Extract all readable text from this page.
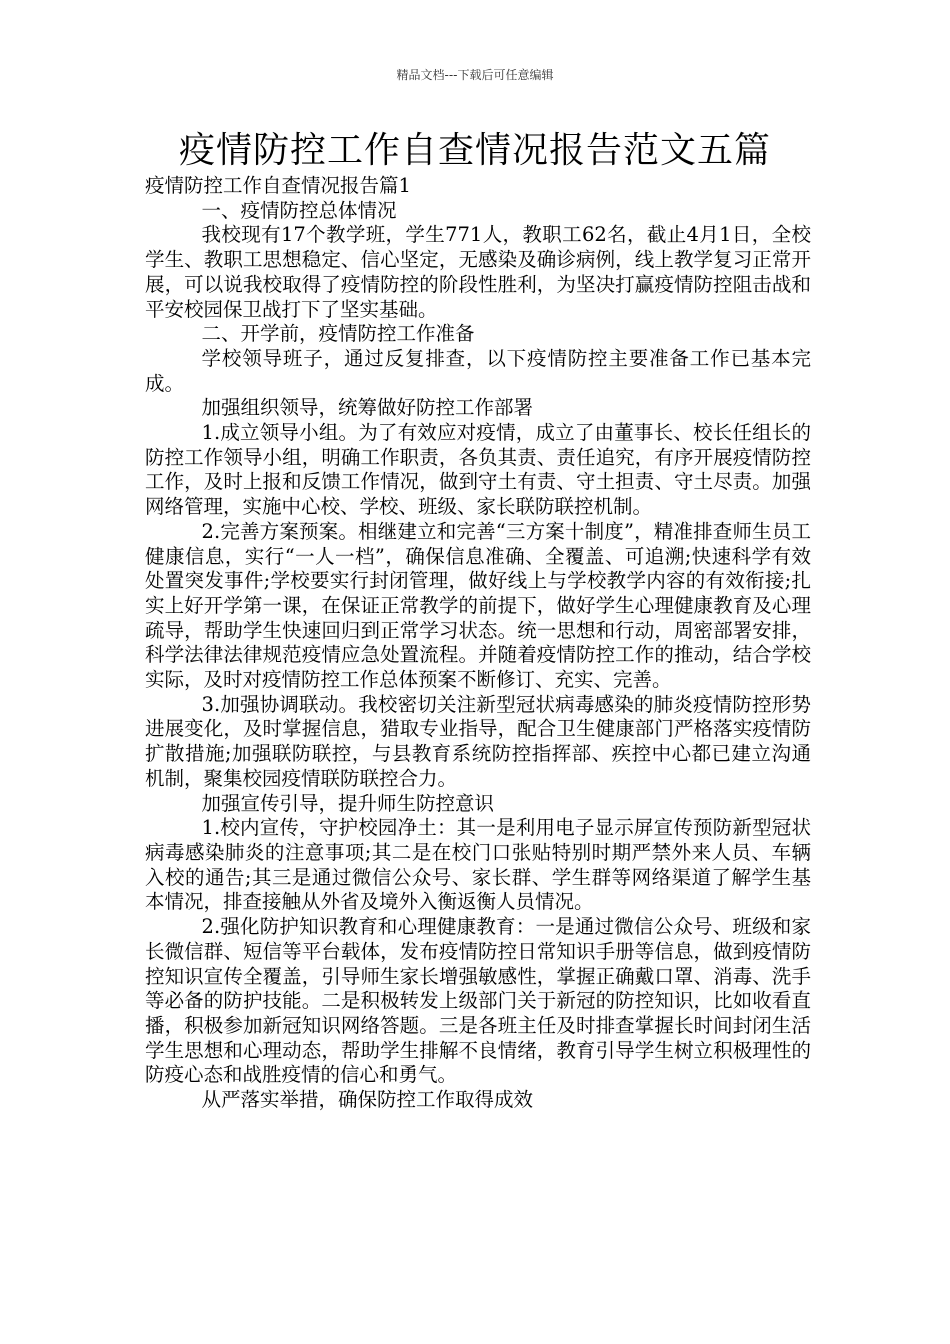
精品文档---下载后可任意编辑
疫情防控工作自查情况报告范文五篇

疫情防控工作自查情况报告篇1

一、疫情防控总体情况

我校现有17个教学班，学生771人，教职工62名，截止4月1日，全校学生、教职工思想稳定、信心坚定，无感染及确诊病例，线上教学复习正常开展，可以说我校取得了疫情防控的阶段性胜利，为坚决打赢疫情防控阻击战和平安校园保卫战打下了坚实基础。

二、开学前，疫情防控工作准备

学校领导班子，通过反复排查，以下疫情防控主要准备工作已基本完成。

加强组织领导，统筹做好防控工作部署

1.成立领导小组。为了有效应对疫情，成立了由董事长、校长任组长的防控工作领导小组，明确工作职责，各负其责、责任追究，有序开展疫情防控工作，及时上报和反馈工作情况，做到守土有责、守土担责、守土尽责。加强网络管理，实施中心校、学校、班级、家长联防联控机制。

2.完善方案预案。相继建立和完善“三方案十制度”，精准排查师生员工健康信息，实行“一人一档”，确保信息准确、全覆盖、可追溯;快速科学有效处置突发事件;学校要实行封闭管理，做好线上与学校教学内容的有效衔接;扎实上好开学第一课，在保证正常教学的前提下，做好学生心理健康教育及心理疏导，帮助学生快速回归到正常学习状态。统一思想和行动，周密部署安排，科学法律法律规范疫情应急处置流程。并随着疫情防控工作的推动，结合学校实际，及时对疫情防控工作总体预案不断修订、充实、完善。

3.加强协调联动。我校密切关注新型冠状病毒感染的肺炎疫情防控形势进展变化，及时掌握信息，猎取专业指导，配合卫生健康部门严格落实疫情防扩散措施;加强联防联控，与县教育系统防控指挥部、疾控中心都已建立沟通机制，聚集校园疫情联防联控合力。

加强宣传引导，提升师生防控意识

1.校内宣传，守护校园净土：其一是利用电子显示屏宣传预防新型冠状病毒感染肺炎的注意事项;其二是在校门口张贴特别时期严禁外来人员、车辆入校的通告;其三是通过微信公众号、家长群、学生群等网络渠道了解学生基本情况，排查接触从外省及境外入衡返衡人员情况。

2.强化防护知识教育和心理健康教育：一是通过微信公众号、班级和家长微信群、短信等平台载体，发布疫情防控日常知识手册等信息，做到疫情防控知识宣传全覆盖，引导师生家长增强敏感性，掌握正确戴口罩、消毒、洗手等必备的防护技能。二是积极转发上级部门关于新冠的防控知识，比如收看直播，积极参加新冠知识网络答题。三是各班主任及时排查掌握长时间封闭生活学生思想和心理动态，帮助学生排解不良情绪，教育引导学生树立积极理性的防疫心态和战胜疫情的信心和勇气。

从严落实举措，确保防控工作取得成效
